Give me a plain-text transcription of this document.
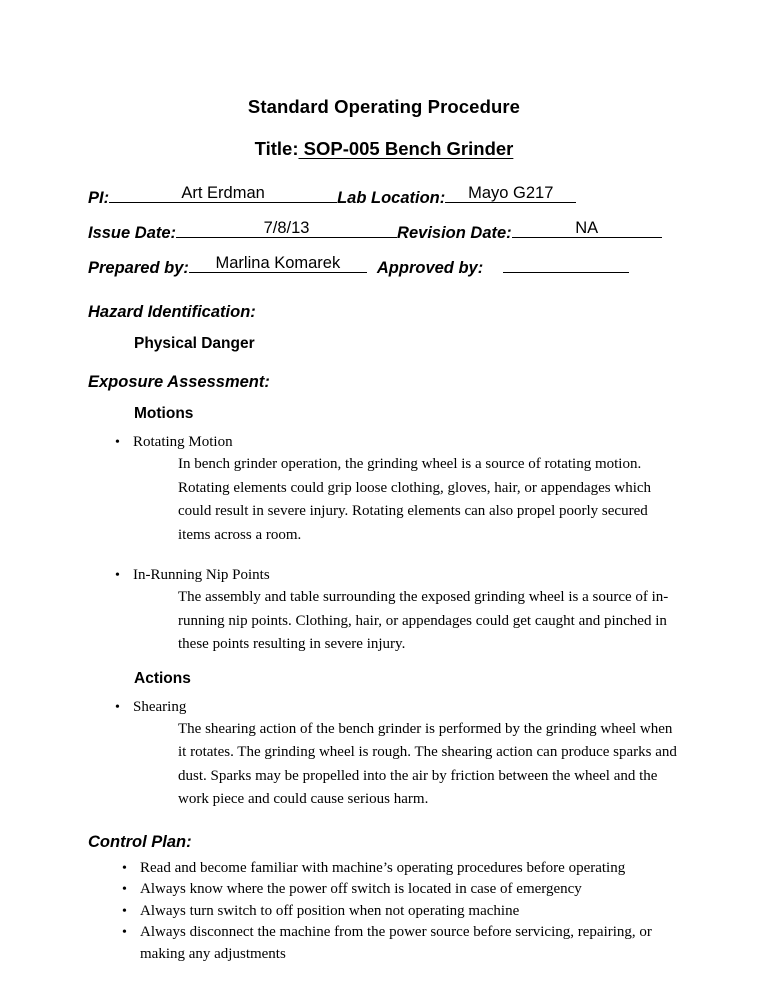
Standard Operating Procedure
Title: SOP-005 Bench Grinder
PI:	Art Erdman	Lab Location:Mayo G217
Issue Date:	7/8/13	Revision Date:	NA
Prepared by: Marlina Komarek Approved by:
Hazard Identification:
Physical Danger
Exposure Assessment:
Motions
• Rotating Motion

In bench grinder operation, the grinding wheel is a source of rotating motion. Rotating elements could grip loose clothing, gloves, hair, or appendages which could result in severe injury. Rotating elements can also propel poorly secured items across a room.

• In-Running Nip Points

The assembly and table surrounding the exposed grinding wheel is a source of in-running nip points. Clothing, hair, or appendages could get caught and pinched in these points resulting in severe injury.

Actions
• Shearing

The shearing action of the bench grinder is performed by the grinding wheel when it rotates. The grinding wheel is rough. The shearing action can produce sparks and dust. Sparks may be propelled into the air by friction between the wheel and the work piece and could cause serious harm.

Control Plan:
• Read and become familiar with machine’s operating procedures before operating
• Always know where the power off switch is located in case of emergency
• Always turn switch to off position when not operating machine
• Always disconnect the machine from the power source before servicing, repairing, or making any adjustments
